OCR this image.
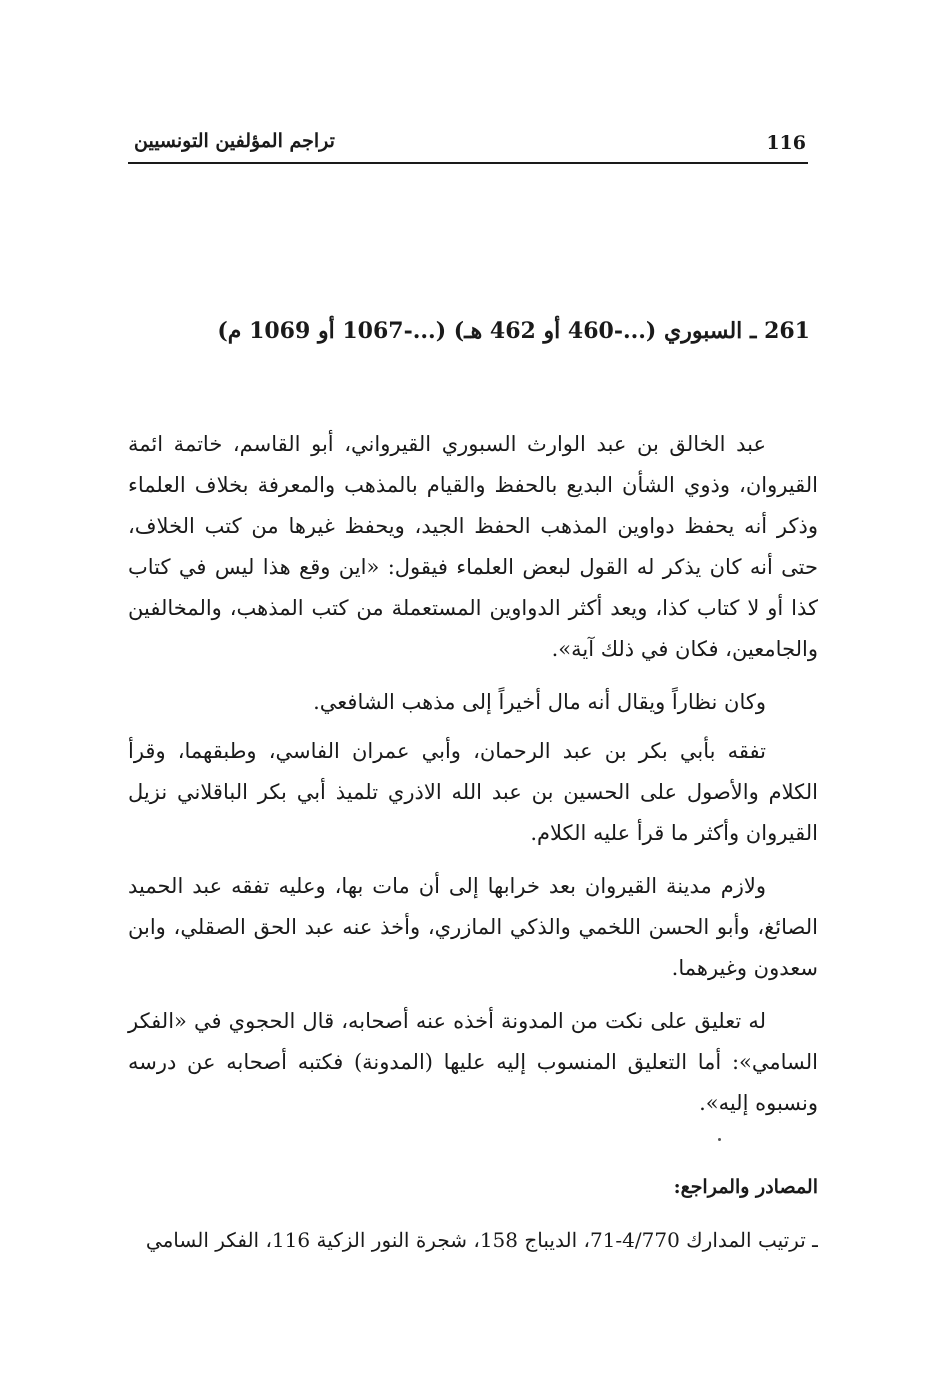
116
تراجم المؤلفين التونسيين
261 ـ السبوري (...-460 أو 462 هـ) (...-1067 أو 1069 م)

عبد الخالق بن عبد الوارث السبوري القيرواني، أبو القاسم، خاتمة ائمة القيروان، وذوي الشأن البديع بالحفظ والقيام بالمذهب والمعرفة بخلاف العلماء وذكر أنه يحفظ دواوين المذهب الحفظ الجيد، ويحفظ غيرها من كتب الخلاف، حتى أنه كان يذكر له القول لبعض العلماء فيقول: «اين وقع هذا ليس في كتاب كذا أو لا كتاب كذا، ويعد أكثر الدواوين المستعملة من كتب المذهب، والمخالفين والجامعين، فكان في ذلك آية».

وكان نظاراً ويقال أنه مال أخيراً إلى مذهب الشافعي.

تفقه بأبي بكر بن عبد الرحمان، وأبي عمران الفاسي، وطبقهما، وقرأ الكلام والأصول على الحسين بن عبد الله الاذري تلميذ أبي بكر الباقلاني نزيل القيروان وأكثر ما قرأ عليه الكلام.

ولازم مدينة القيروان بعد خرابها إلى أن مات بها، وعليه تفقه عبد الحميد الصائغ، وأبو الحسن اللخمي والذكي المازري، وأخذ عنه عبد الحق الصقلي، وابن سعدون وغيرهما.

له تعليق على نكت من المدونة أخذه عنه أصحابه، قال الحجوي في «الفكر السامي»: أما التعليق المنسوب إليه عليها (المدونة) فكتبه أصحابه عن درسه ونسبوه إليه».

المصادر والمراجع:
ـ ترتيب المدارك 4/770-71، الديباج 158، شجرة النور الزكية 116، الفكر السامي
